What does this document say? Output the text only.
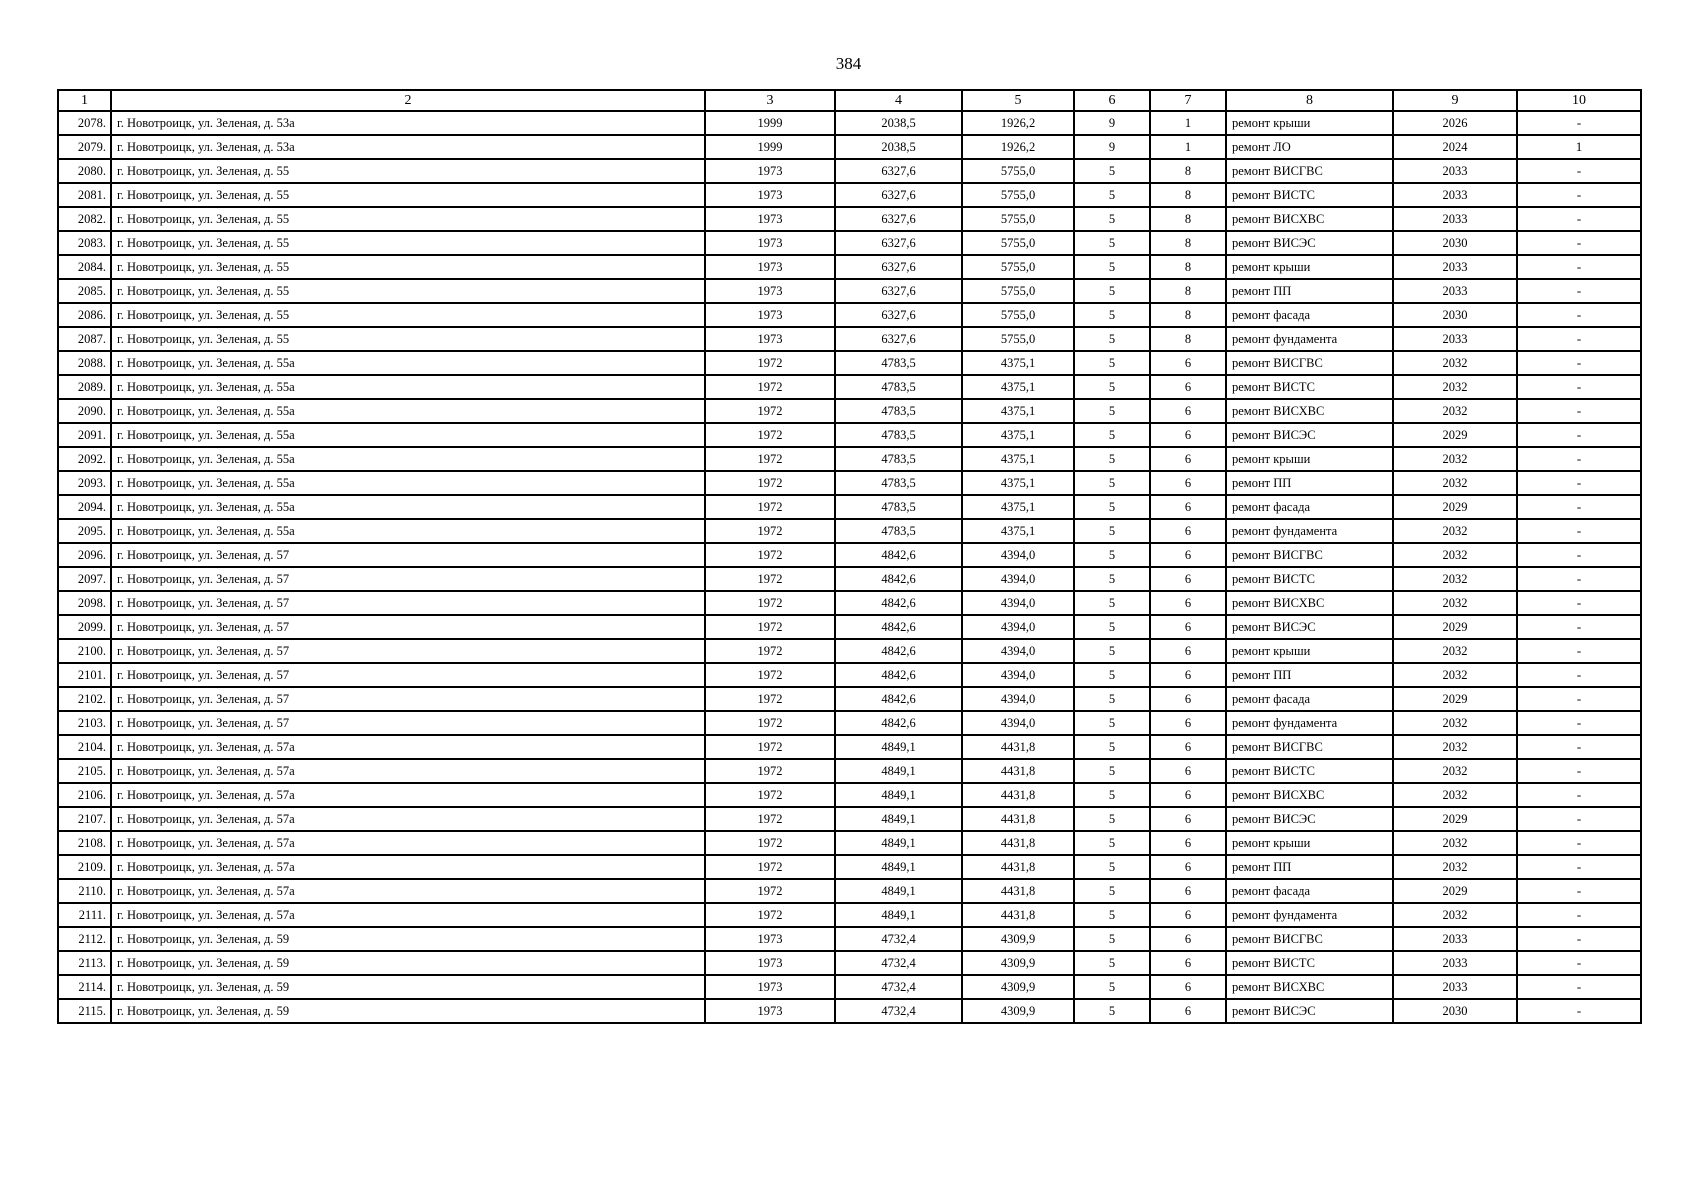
384
1	2	3	4	5	6	7	8	9	10
2078.	г. Новотроицк, ул. Зеленая, д. 53а	1999	2038,5	1926,2	9	1	ремонт крыши	2026	-
2079.	г. Новотроицк, ул. Зеленая, д. 53а	1999	2038,5	1926,2	9	1	ремонт ЛО	2024	1
2080.	г. Новотроицк, ул. Зеленая, д. 55	1973	6327,6	5755,0	5	8	ремонт ВИСГВС	2033	-
2081.	г. Новотроицк, ул. Зеленая, д. 55	1973	6327,6	5755,0	5	8	ремонт ВИСТС	2033	-
2082.	г. Новотроицк, ул. Зеленая, д. 55	1973	6327,6	5755,0	5	8	ремонт ВИСХВС	2033	-
2083.	г. Новотроицк, ул. Зеленая, д. 55	1973	6327,6	5755,0	5	8	ремонт ВИСЭС	2030	-
2084.	г. Новотроицк, ул. Зеленая, д. 55	1973	6327,6	5755,0	5	8	ремонт крыши	2033	-
2085.	г. Новотроицк, ул. Зеленая, д. 55	1973	6327,6	5755,0	5	8	ремонт ПП	2033	-
2086.	г. Новотроицк, ул. Зеленая, д. 55	1973	6327,6	5755,0	5	8	ремонт фасада	2030	-
2087.	г. Новотроицк, ул. Зеленая, д. 55	1973	6327,6	5755,0	5	8	ремонт фундамента	2033	-
2088.	г. Новотроицк, ул. Зеленая, д. 55а	1972	4783,5	4375,1	5	6	ремонт ВИСГВС	2032	-
2089.	г. Новотроицк, ул. Зеленая, д. 55а	1972	4783,5	4375,1	5	6	ремонт ВИСТС	2032	-
2090.	г. Новотроицк, ул. Зеленая, д. 55а	1972	4783,5	4375,1	5	6	ремонт ВИСХВС	2032	-
2091.	г. Новотроицк, ул. Зеленая, д. 55а	1972	4783,5	4375,1	5	6	ремонт ВИСЭС	2029	-
2092.	г. Новотроицк, ул. Зеленая, д. 55а	1972	4783,5	4375,1	5	6	ремонт крыши	2032	-
2093.	г. Новотроицк, ул. Зеленая, д. 55а	1972	4783,5	4375,1	5	6	ремонт ПП	2032	-
2094.	г. Новотроицк, ул. Зеленая, д. 55а	1972	4783,5	4375,1	5	6	ремонт фасада	2029	-
2095.	г. Новотроицк, ул. Зеленая, д. 55а	1972	4783,5	4375,1	5	6	ремонт фундамента	2032	-
2096.	г. Новотроицк, ул. Зеленая, д. 57	1972	4842,6	4394,0	5	6	ремонт ВИСГВС	2032	-
2097.	г. Новотроицк, ул. Зеленая, д. 57	1972	4842,6	4394,0	5	6	ремонт ВИСТС	2032	-
2098.	г. Новотроицк, ул. Зеленая, д. 57	1972	4842,6	4394,0	5	6	ремонт ВИСХВС	2032	-
2099.	г. Новотроицк, ул. Зеленая, д. 57	1972	4842,6	4394,0	5	6	ремонт ВИСЭС	2029	-
2100.	г. Новотроицк, ул. Зеленая, д. 57	1972	4842,6	4394,0	5	6	ремонт крыши	2032	-
2101.	г. Новотроицк, ул. Зеленая, д. 57	1972	4842,6	4394,0	5	6	ремонт ПП	2032	-
2102.	г. Новотроицк, ул. Зеленая, д. 57	1972	4842,6	4394,0	5	6	ремонт фасада	2029	-
2103.	г. Новотроицк, ул. Зеленая, д. 57	1972	4842,6	4394,0	5	6	ремонт фундамента	2032	-
2104.	г. Новотроицк, ул. Зеленая, д. 57а	1972	4849,1	4431,8	5	6	ремонт ВИСГВС	2032	-
2105.	г. Новотроицк, ул. Зеленая, д. 57а	1972	4849,1	4431,8	5	6	ремонт ВИСТС	2032	-
2106.	г. Новотроицк, ул. Зеленая, д. 57а	1972	4849,1	4431,8	5	6	ремонт ВИСХВС	2032	-
2107.	г. Новотроицк, ул. Зеленая, д. 57а	1972	4849,1	4431,8	5	6	ремонт ВИСЭС	2029	-
2108.	г. Новотроицк, ул. Зеленая, д. 57а	1972	4849,1	4431,8	5	6	ремонт крыши	2032	-
2109.	г. Новотроицк, ул. Зеленая, д. 57а	1972	4849,1	4431,8	5	6	ремонт ПП	2032	-
2110.	г. Новотроицк, ул. Зеленая, д. 57а	1972	4849,1	4431,8	5	6	ремонт фасада	2029	-
2111.	г. Новотроицк, ул. Зеленая, д. 57а	1972	4849,1	4431,8	5	6	ремонт фундамента	2032	-
2112.	г. Новотроицк, ул. Зеленая, д. 59	1973	4732,4	4309,9	5	6	ремонт ВИСГВС	2033	-
2113.	г. Новотроицк, ул. Зеленая, д. 59	1973	4732,4	4309,9	5	6	ремонт ВИСТС	2033	-
2114.	г. Новотроицк, ул. Зеленая, д. 59	1973	4732,4	4309,9	5	6	ремонт ВИСХВС	2033	-
2115.	г. Новотроицк, ул. Зеленая, д. 59	1973	4732,4	4309,9	5	6	ремонт ВИСЭС	2030	-
